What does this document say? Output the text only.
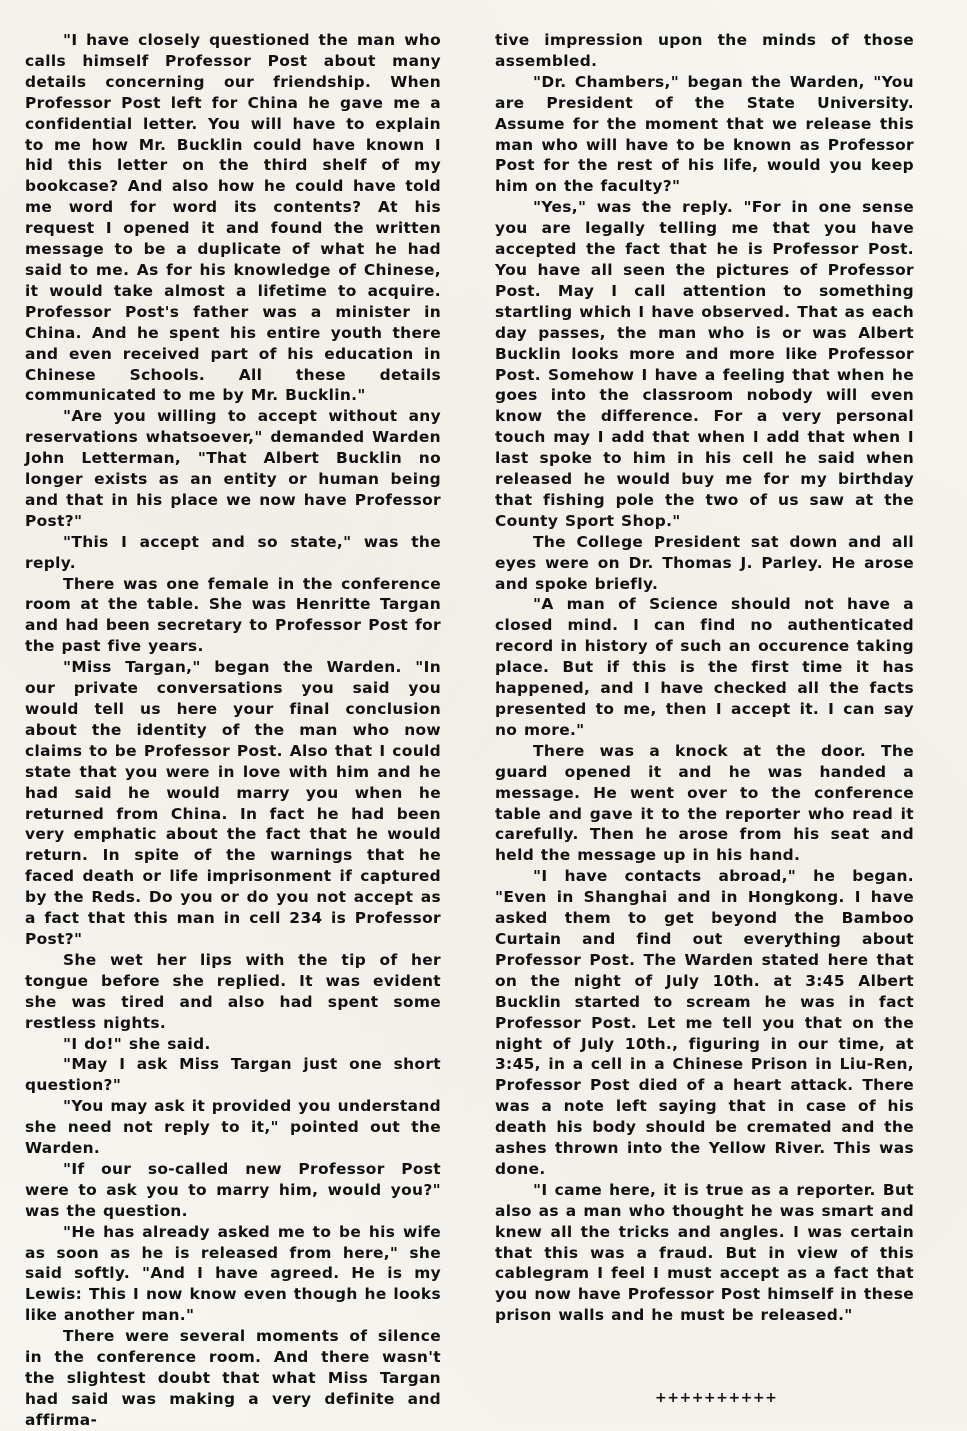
"I have closely questioned the man who calls himself Professor Post about many details concerning our friendship. When Professor Post left for China he gave me a confidential letter. You will have to explain to me how Mr. Bucklin could have known I hid this letter on the third shelf of my bookcase? And also how he could have told me word for word its contents? At his request I opened it and found the written message to be a duplicate of what he had said to me. As for his knowledge of Chinese, it would take almost a lifetime to acquire. Professor Post's father was a minister in China. And he spent his entire youth there and even received part of his education in Chinese Schools. All these details communicated to me by Mr. Bucklin."

"Are you willing to accept without any reservations whatsoever," demanded Warden John Letterman, "That Albert Bucklin no longer exists as an entity or human being and that in his place we now have Professor Post?"

"This I accept and so state," was the reply.

There was one female in the conference room at the table. She was Henritte Targan and had been secretary to Professor Post for the past five years.

"Miss Targan," began the Warden. "In our private conversations you said you would tell us here your final conclusion about the identity of the man who now claims to be Professor Post. Also that I could state that you were in love with him and he had said he would marry you when he returned from China. In fact he had been very emphatic about the fact that he would return. In spite of the warnings that he faced death or life imprisonment if captured by the Reds. Do you or do you not accept as a fact that this man in cell 234 is Professor Post?"

She wet her lips with the tip of her tongue before she replied. It was evident she was tired and also had spent some restless nights.

"I do!" she said.

"May I ask Miss Targan just one short question?"

"You may ask it provided you understand she need not reply to it," pointed out the Warden.

"If our so-called new Professor Post were to ask you to marry him, would you?" was the question.

"He has already asked me to be his wife as soon as he is released from here," she said softly. "And I have agreed. He is my Lewis: This I now know even though he looks like another man."

There were several moments of silence in the conference room. And there wasn't the slightest doubt that what Miss Targan had said was making a very definite and affirma-

tive impression upon the minds of those assembled.

"Dr. Chambers," began the Warden, "You are President of the State University. Assume for the moment that we release this man who will have to be known as Professor Post for the rest of his life, would you keep him on the faculty?"

"Yes," was the reply. "For in one sense you are legally telling me that you have accepted the fact that he is Professor Post. You have all seen the pictures of Professor Post. May I call attention to something startling which I have observed. That as each day passes, the man who is or was Albert Bucklin looks more and more like Professor Post. Somehow I have a feeling that when he goes into the classroom nobody will even know the difference. For a very personal touch may I add that when I add that when I last spoke to him in his cell he said when released he would buy me for my birthday that fishing pole the two of us saw at the County Sport Shop."

The College President sat down and all eyes were on Dr. Thomas J. Parley. He arose and spoke briefly.

"A man of Science should not have a closed mind. I can find no authenticated record in history of such an occurence taking place. But if this is the first time it has happened, and I have checked all the facts presented to me, then I accept it. I can say no more."

There was a knock at the door. The guard opened it and he was handed a message. He went over to the conference table and gave it to the reporter who read it carefully. Then he arose from his seat and held the message up in his hand.

"I have contacts abroad," he began. "Even in Shanghai and in Hongkong. I have asked them to get beyond the Bamboo Curtain and find out everything about Professor Post. The Warden stated here that on the night of July 10th. at 3:45 Albert Bucklin started to scream he was in fact Professor Post. Let me tell you that on the night of July 10th., figuring in our time, at 3:45, in a cell in a Chinese Prison in Liu-Ren, Professor Post died of a heart attack. There was a note left saying that in case of his death his body should be cremated and the ashes thrown into the Yellow River. This was done.

"I came here, it is true as a reporter. But also as a man who thought he was smart and knew all the tricks and angles. I was certain that this was a fraud. But in view of this cablegram I feel I must accept as a fact that you now have Professor Post himself in these prison walls and he must be released."

++++++++++
